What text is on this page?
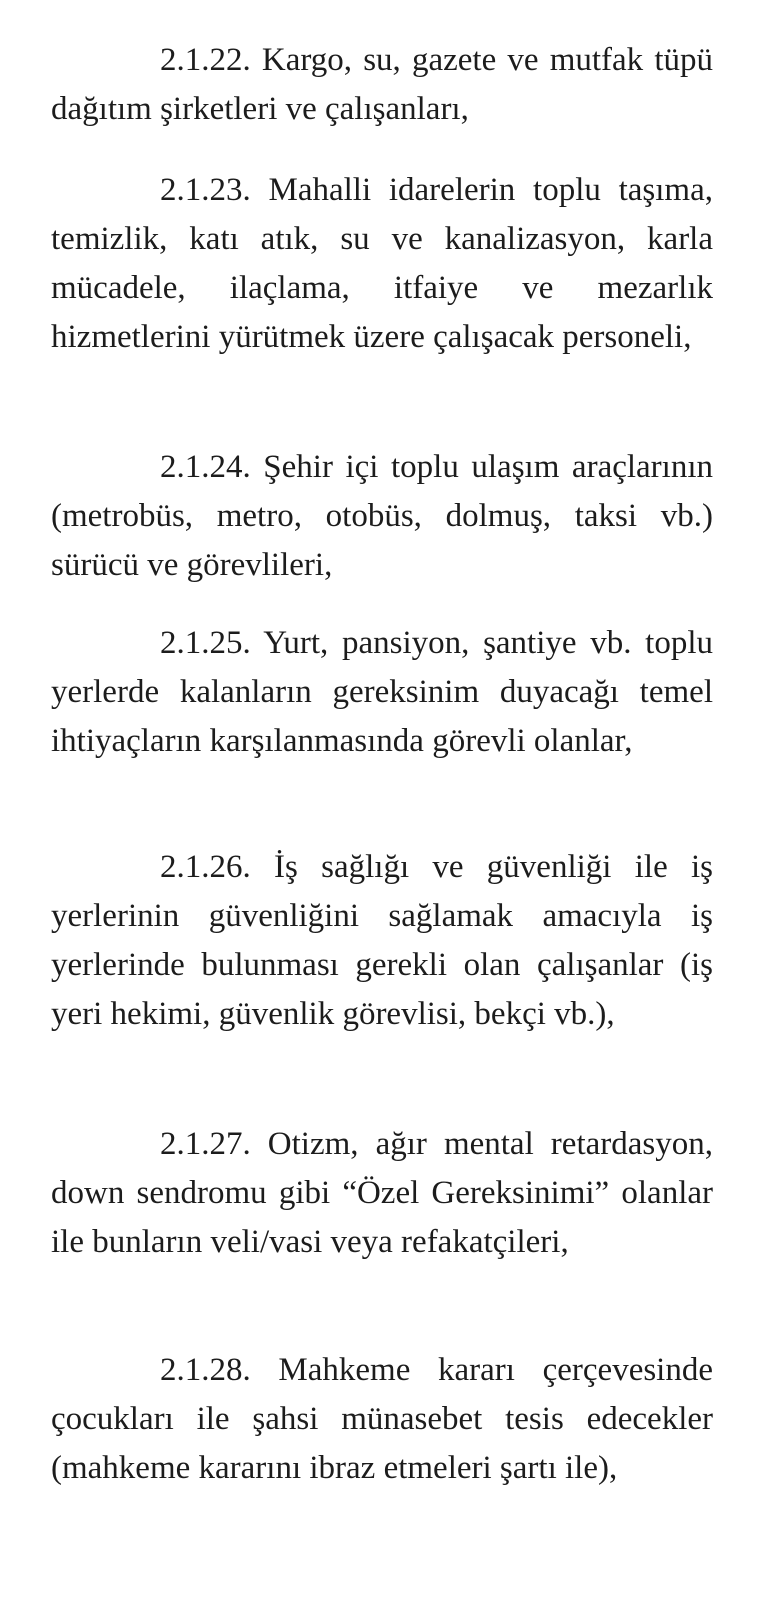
2.1.22. Kargo, su, gazete ve mutfak tüpü dağıtım şirketleri ve çalışanları,

2.1.23. Mahalli idarelerin toplu taşıma, temizlik, katı atık, su ve kanalizasyon, karla mücadele, ilaçlama, itfaiye ve mezarlık hizmetlerini yürütmek üzere çalışacak personeli,

2.1.24. Şehir içi toplu ulaşım araçlarının (metrobüs, metro, otobüs, dolmuş, taksi vb.) sürücü ve görevlileri,

2.1.25. Yurt, pansiyon, şantiye vb. toplu yerlerde kalanların gereksinim duyacağı temel ihtiyaçların karşılanmasında görevli olanlar,

2.1.26. İş sağlığı ve güvenliği ile iş yerlerinin güvenliğini sağlamak amacıyla iş yerlerinde bulunması gerekli olan çalışanlar (iş yeri hekimi, güvenlik görevlisi, bekçi vb.),

2.1.27. Otizm, ağır mental retardasyon, down sendromu gibi “Özel Gereksinimi” olanlar ile bunların veli/vasi veya refakatçileri,

2.1.28. Mahkeme kararı çerçevesinde çocukları ile şahsi münasebet tesis edecekler (mahkeme kararını ibraz etmeleri şartı ile),
